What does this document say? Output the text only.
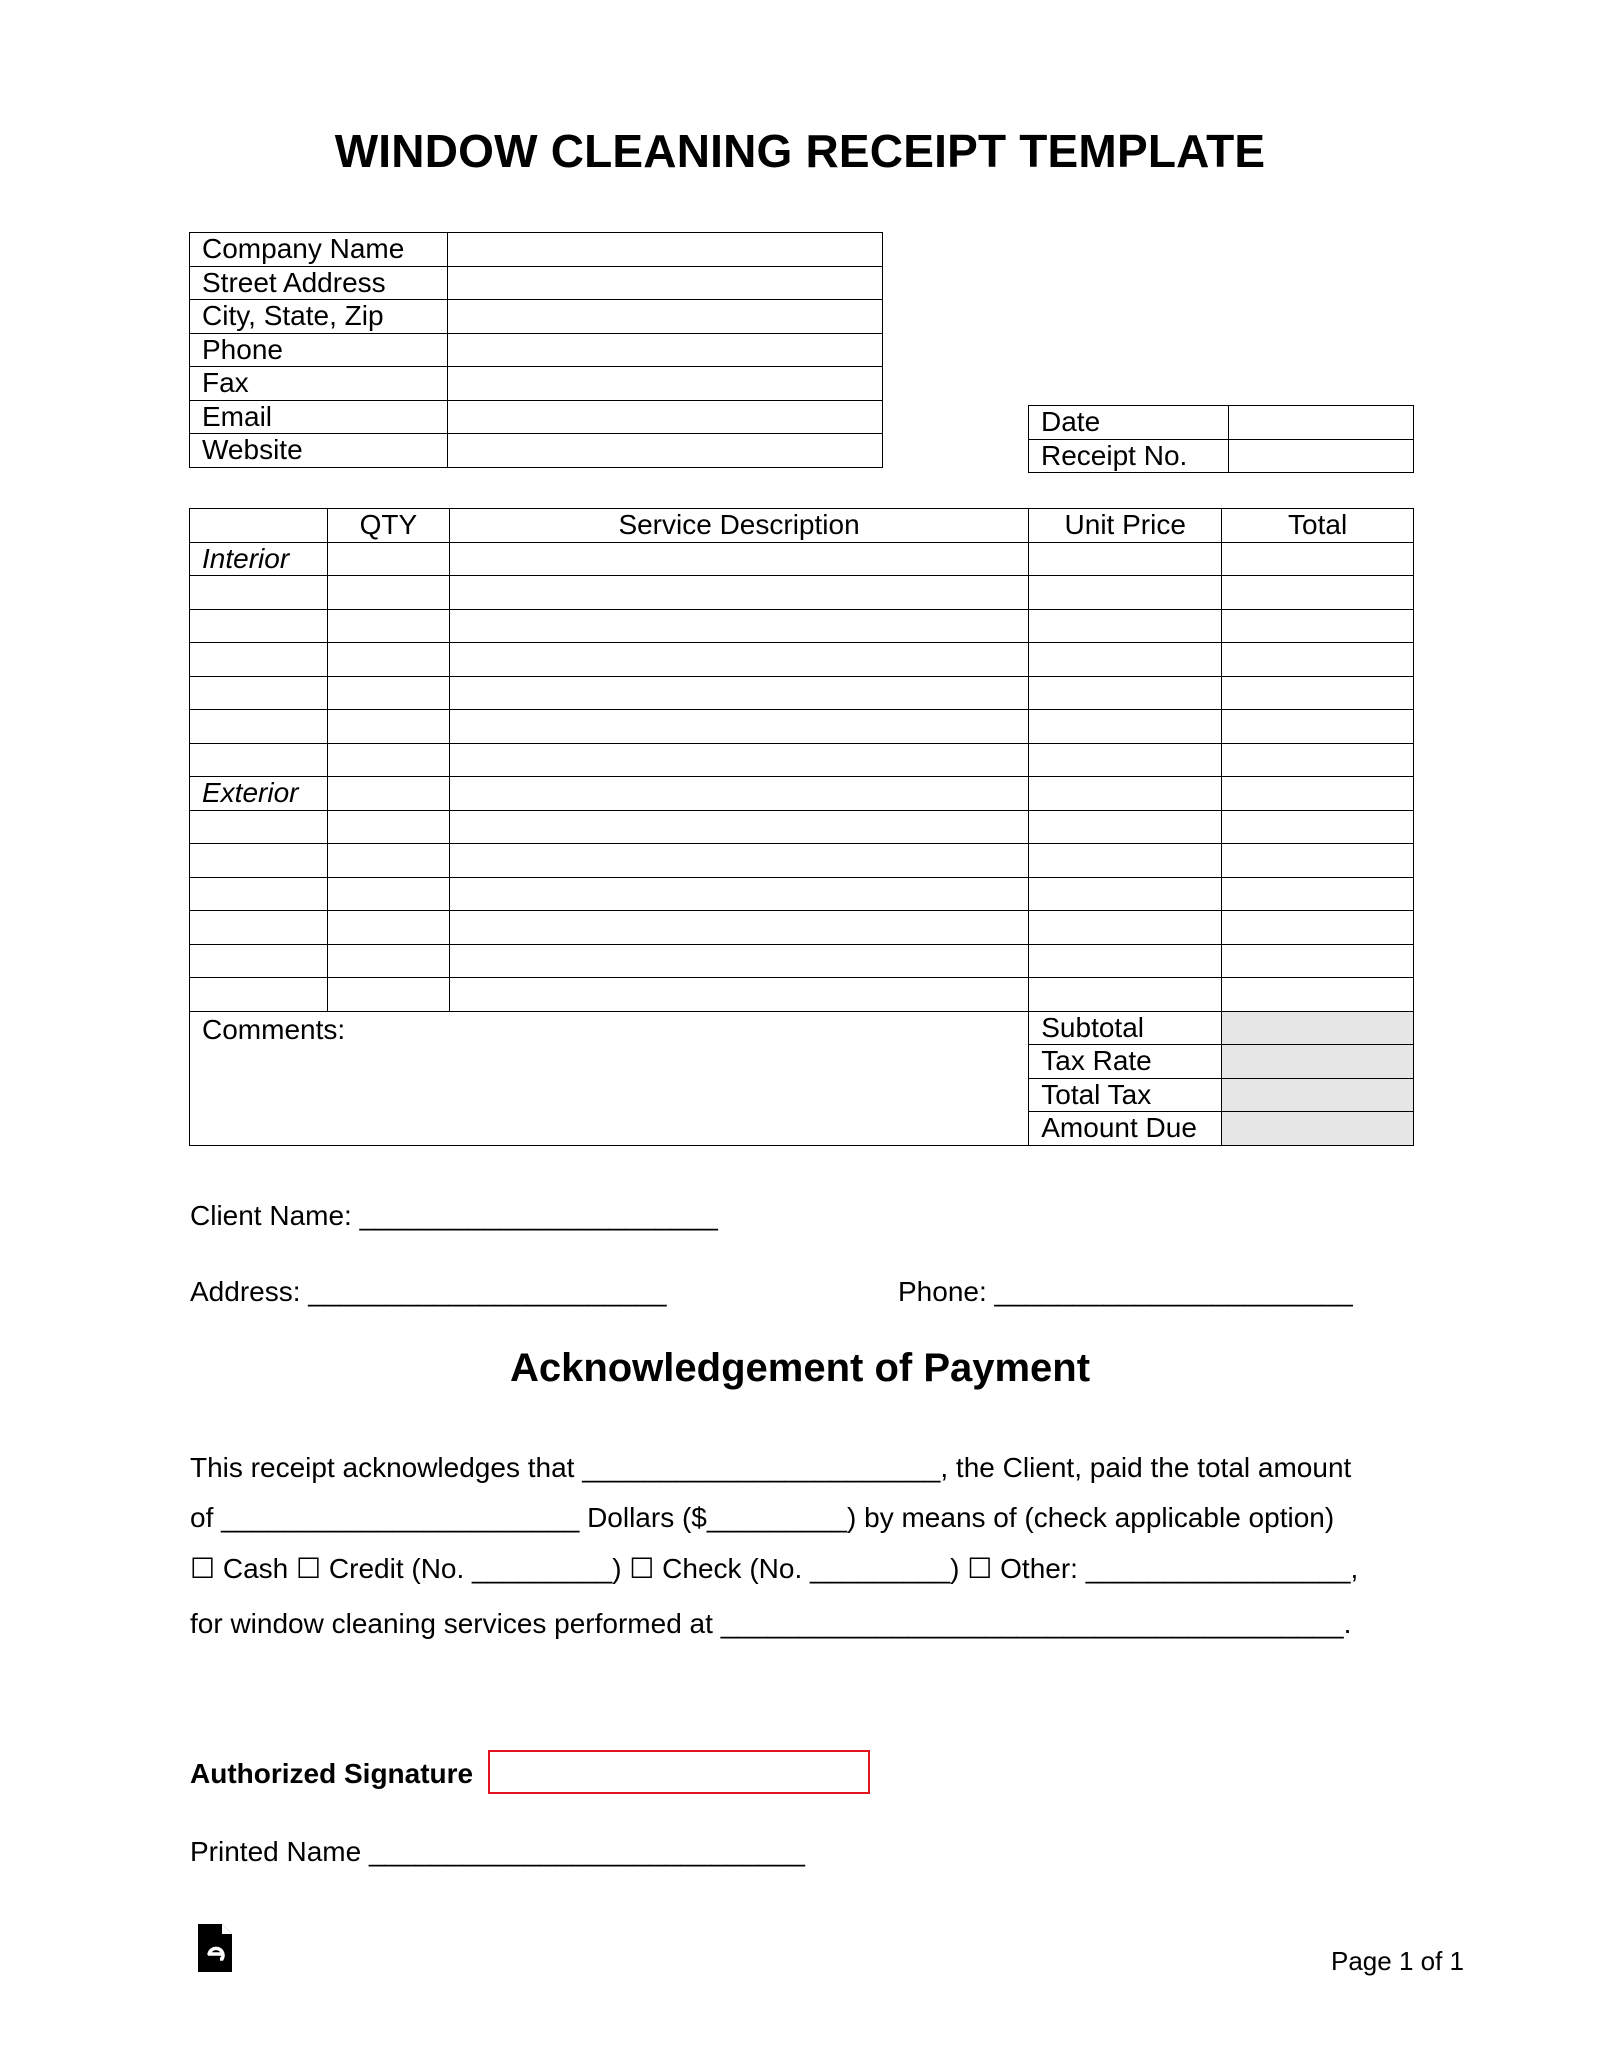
WINDOW CLEANING RECEIPT TEMPLATE
Company Name	
Street Address	
City, State, Zip	
Phone	
Fax	
Email	
Website	
Date	
Receipt No.	
	QTY	Service Description	Unit Price	Total
Interior				

Exterior				

Comments:			Subtotal	
			Tax Rate	
			Total Tax	
			Amount Due	
Client Name: _______________________
Address: _______________________	Phone: _______________________
Acknowledgement of Payment
This receipt acknowledges that _______________________, the Client, paid the total amount
of _______________________ Dollars ($_________) by means of (check applicable option)
☐ Cash ☐ Credit (No. _________) ☐ Check (No. _________) ☐ Other: _________________,
for window cleaning services performed at ________________________________________.
Authorized Signature
Printed Name ____________________________
Page 1 of 1
